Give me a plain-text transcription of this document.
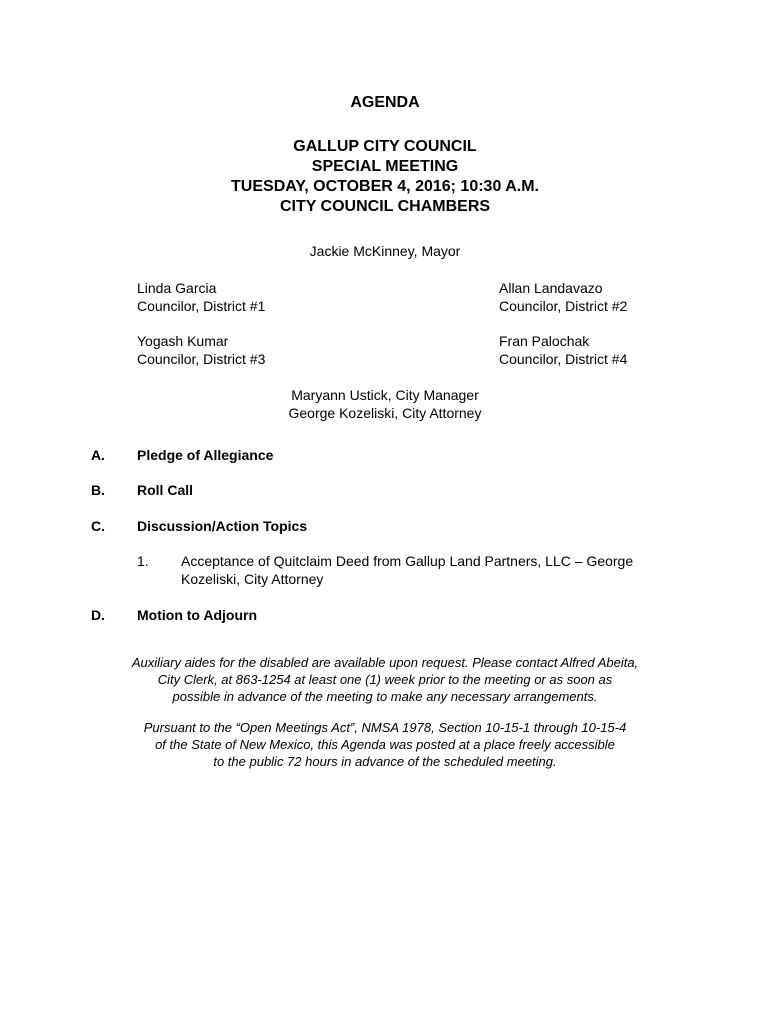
AGENDA
GALLUP CITY COUNCIL
SPECIAL MEETING
TUESDAY, OCTOBER 4, 2016; 10:30 A.M.
CITY COUNCIL CHAMBERS
Jackie McKinney, Mayor
Linda Garcia
Councilor, District #1
Yogash Kumar
Councilor, District #3
Allan Landavazo
Councilor, District #2
Fran Palochak
Councilor, District #4
Maryann Ustick, City Manager
George Kozeliski, City Attorney
A. Pledge of Allegiance
B. Roll Call
C. Discussion/Action Topics
1. Acceptance of Quitclaim Deed from Gallup Land Partners, LLC – George
Kozeliski, City Attorney
D. Motion to Adjourn
Auxiliary aides for the disabled are available upon request. Please contact Alfred Abeita,
City Clerk, at 863-1254 at least one (1) week prior to the meeting or as soon as
possible in advance of the meeting to make any necessary arrangements.
Pursuant to the “Open Meetings Act”, NMSA 1978, Section 10-15-1 through 10-15-4
of the State of New Mexico, this Agenda was posted at a place freely accessible
to the public 72 hours in advance of the scheduled meeting.
